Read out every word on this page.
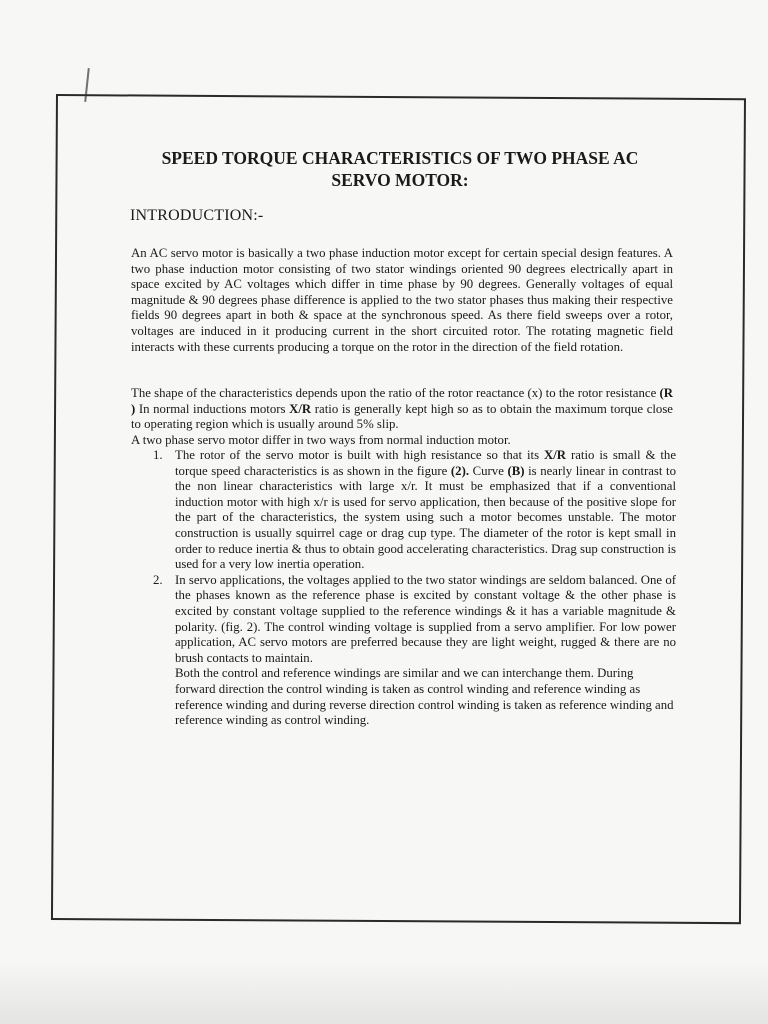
SPEED TORQUE CHARACTERISTICS OF TWO PHASE AC
SERVO MOTOR:
INTRODUCTION:-
An AC servo motor is basically a two phase induction motor except for certain special design features. A two phase induction motor consisting of two stator windings oriented 90 degrees electrically apart in space excited by AC voltages which differ in time phase by 90 degrees. Generally voltages of equal magnitude & 90 degrees phase difference is applied to the two stator phases thus making their respective fields 90 degrees apart in both & space at the synchronous speed. As there field sweeps over a rotor, voltages are induced in it producing current in the short circuited rotor. The rotating magnetic field interacts with these currents producing a torque on the rotor in the direction of the field rotation.
The shape of the characteristics depends upon the ratio of the rotor reactance (x) to the rotor resistance (R ) In normal inductions motors X/R ratio is generally kept high so as to obtain the maximum torque close to operating region which is usually around 5% slip.
A two phase servo motor differ in two ways from normal induction motor.
1. The rotor of the servo motor is built with high resistance so that its X/R ratio is small & the torque speed characteristics is as shown in the figure (2). Curve (B) is nearly linear in contrast to the non linear characteristics with large x/r. It must be emphasized that if a conventional induction motor with high x/r is used for servo application, then because of the positive slope for the part of the characteristics, the system using such a motor becomes unstable. The motor construction is usually squirrel cage or drag cup type. The diameter of the rotor is kept small in order to reduce inertia & thus to obtain good accelerating characteristics. Drag sup construction is used for a very low inertia operation.
2. In servo applications, the voltages applied to the two stator windings are seldom balanced. One of the phases known as the reference phase is excited by constant voltage & the other phase is excited by constant voltage supplied to the reference windings & it has a variable magnitude & polarity. (fig. 2). The control winding voltage is supplied from a servo amplifier. For low power application, AC servo motors are preferred because they are light weight, rugged & there are no brush contacts to maintain.
Both the control and reference windings are similar and we can interchange them. During forward direction the control winding is taken as control winding and reference winding as reference winding and during reverse direction control winding is taken as reference winding and reference winding as control winding.
